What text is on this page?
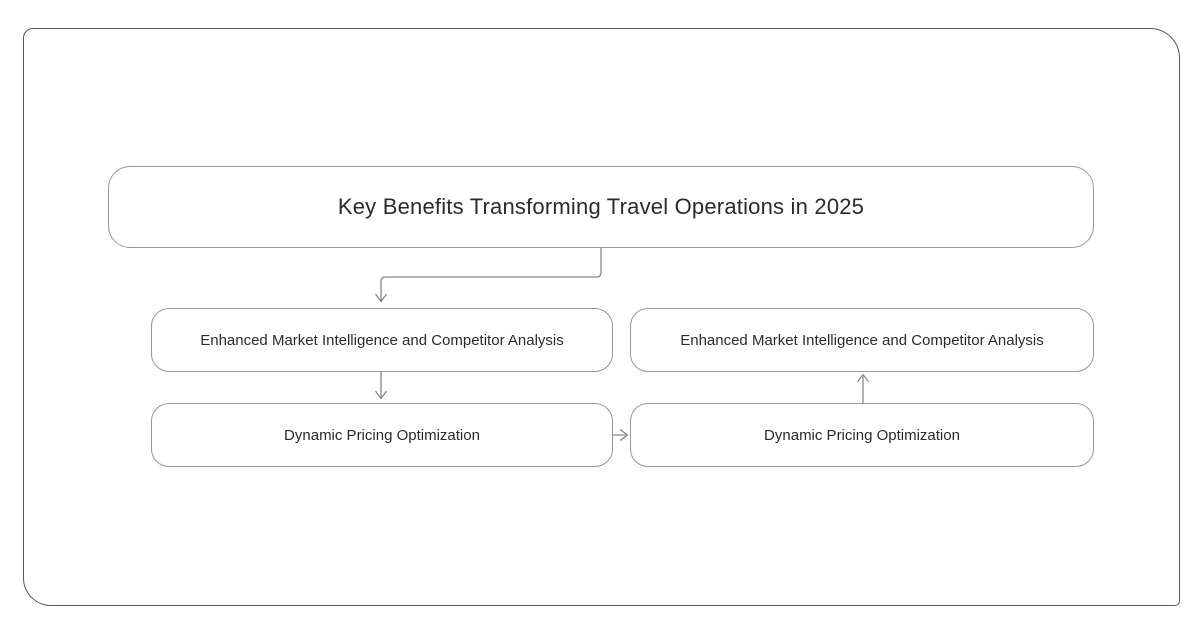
Key Benefits Transforming Travel Operations in 2025
Enhanced Market Intelligence and Competitor Analysis	Enhanced Market Intelligence and Competitor Analysis
Dynamic Pricing Optimization	Dynamic Pricing Optimization
